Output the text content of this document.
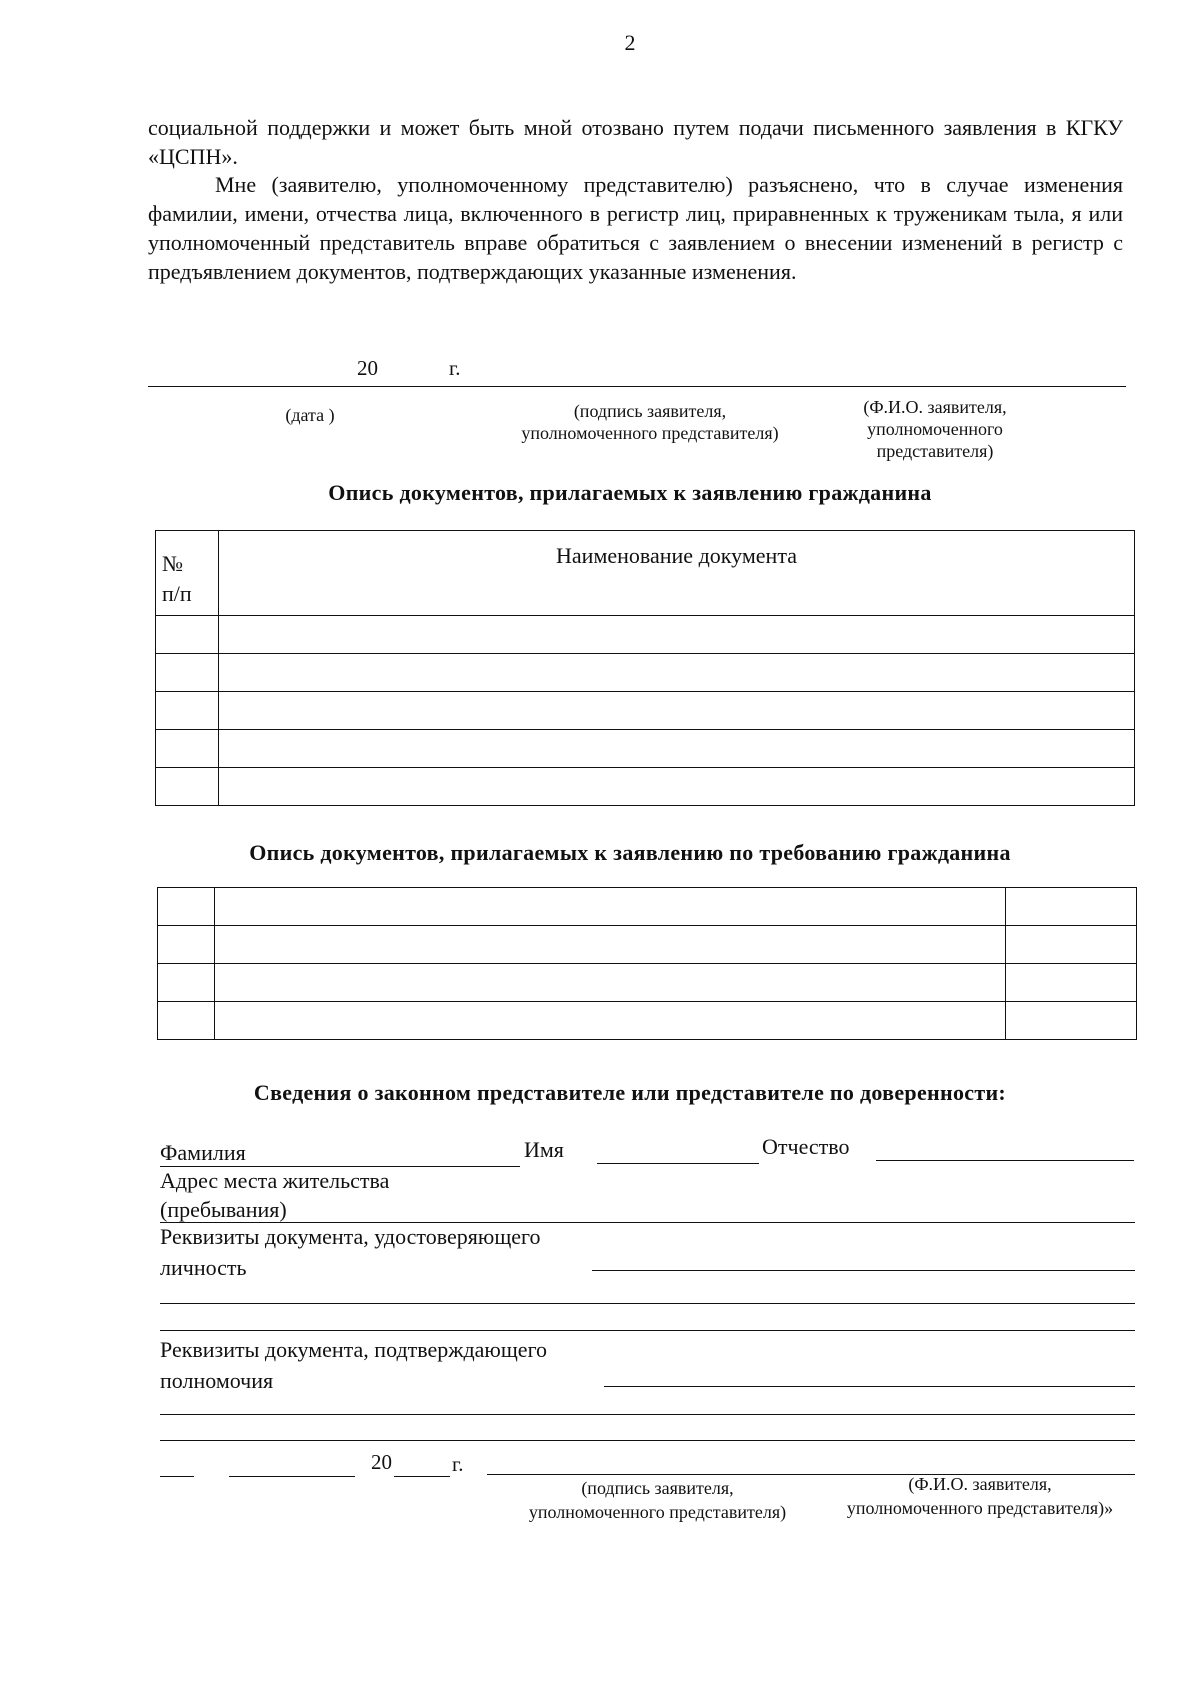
2
социальной поддержки и может быть мной отозвано путем подачи письменного заявления в КГКУ «ЦСПН».
Мне (заявителю, уполномоченному представителю) разъяснено, что в случае изменения фамилии, имени, отчества лица, включенного в регистр лиц, приравненных к труженикам тыла, я или уполномоченный представитель вправе обратиться с заявлением о внесении изменений в регистр с предъявлением документов, подтверждающих указанные изменения.
20	г.
(дата )	(подпись заявителя,
уполномоченного представителя)
(Ф.И.О. заявителя,
уполномоченного
представителя)
Опись документов, прилагаемых к заявлению гражданина
№
п/п	Наименование документа

Опись документов, прилагаемых к заявлению по требованию гражданина

Сведения о законном представителе или представителе по доверенности:
Фамилия	Имя	Отчество
Адрес места жительства
(пребывания)
Реквизиты документа, удостоверяющего
личность
Реквизиты документа, подтверждающего
полномочия
20	г.
(подпись заявителя,
уполномоченного представителя)
(Ф.И.О. заявителя,
уполномоченного представителя)»
